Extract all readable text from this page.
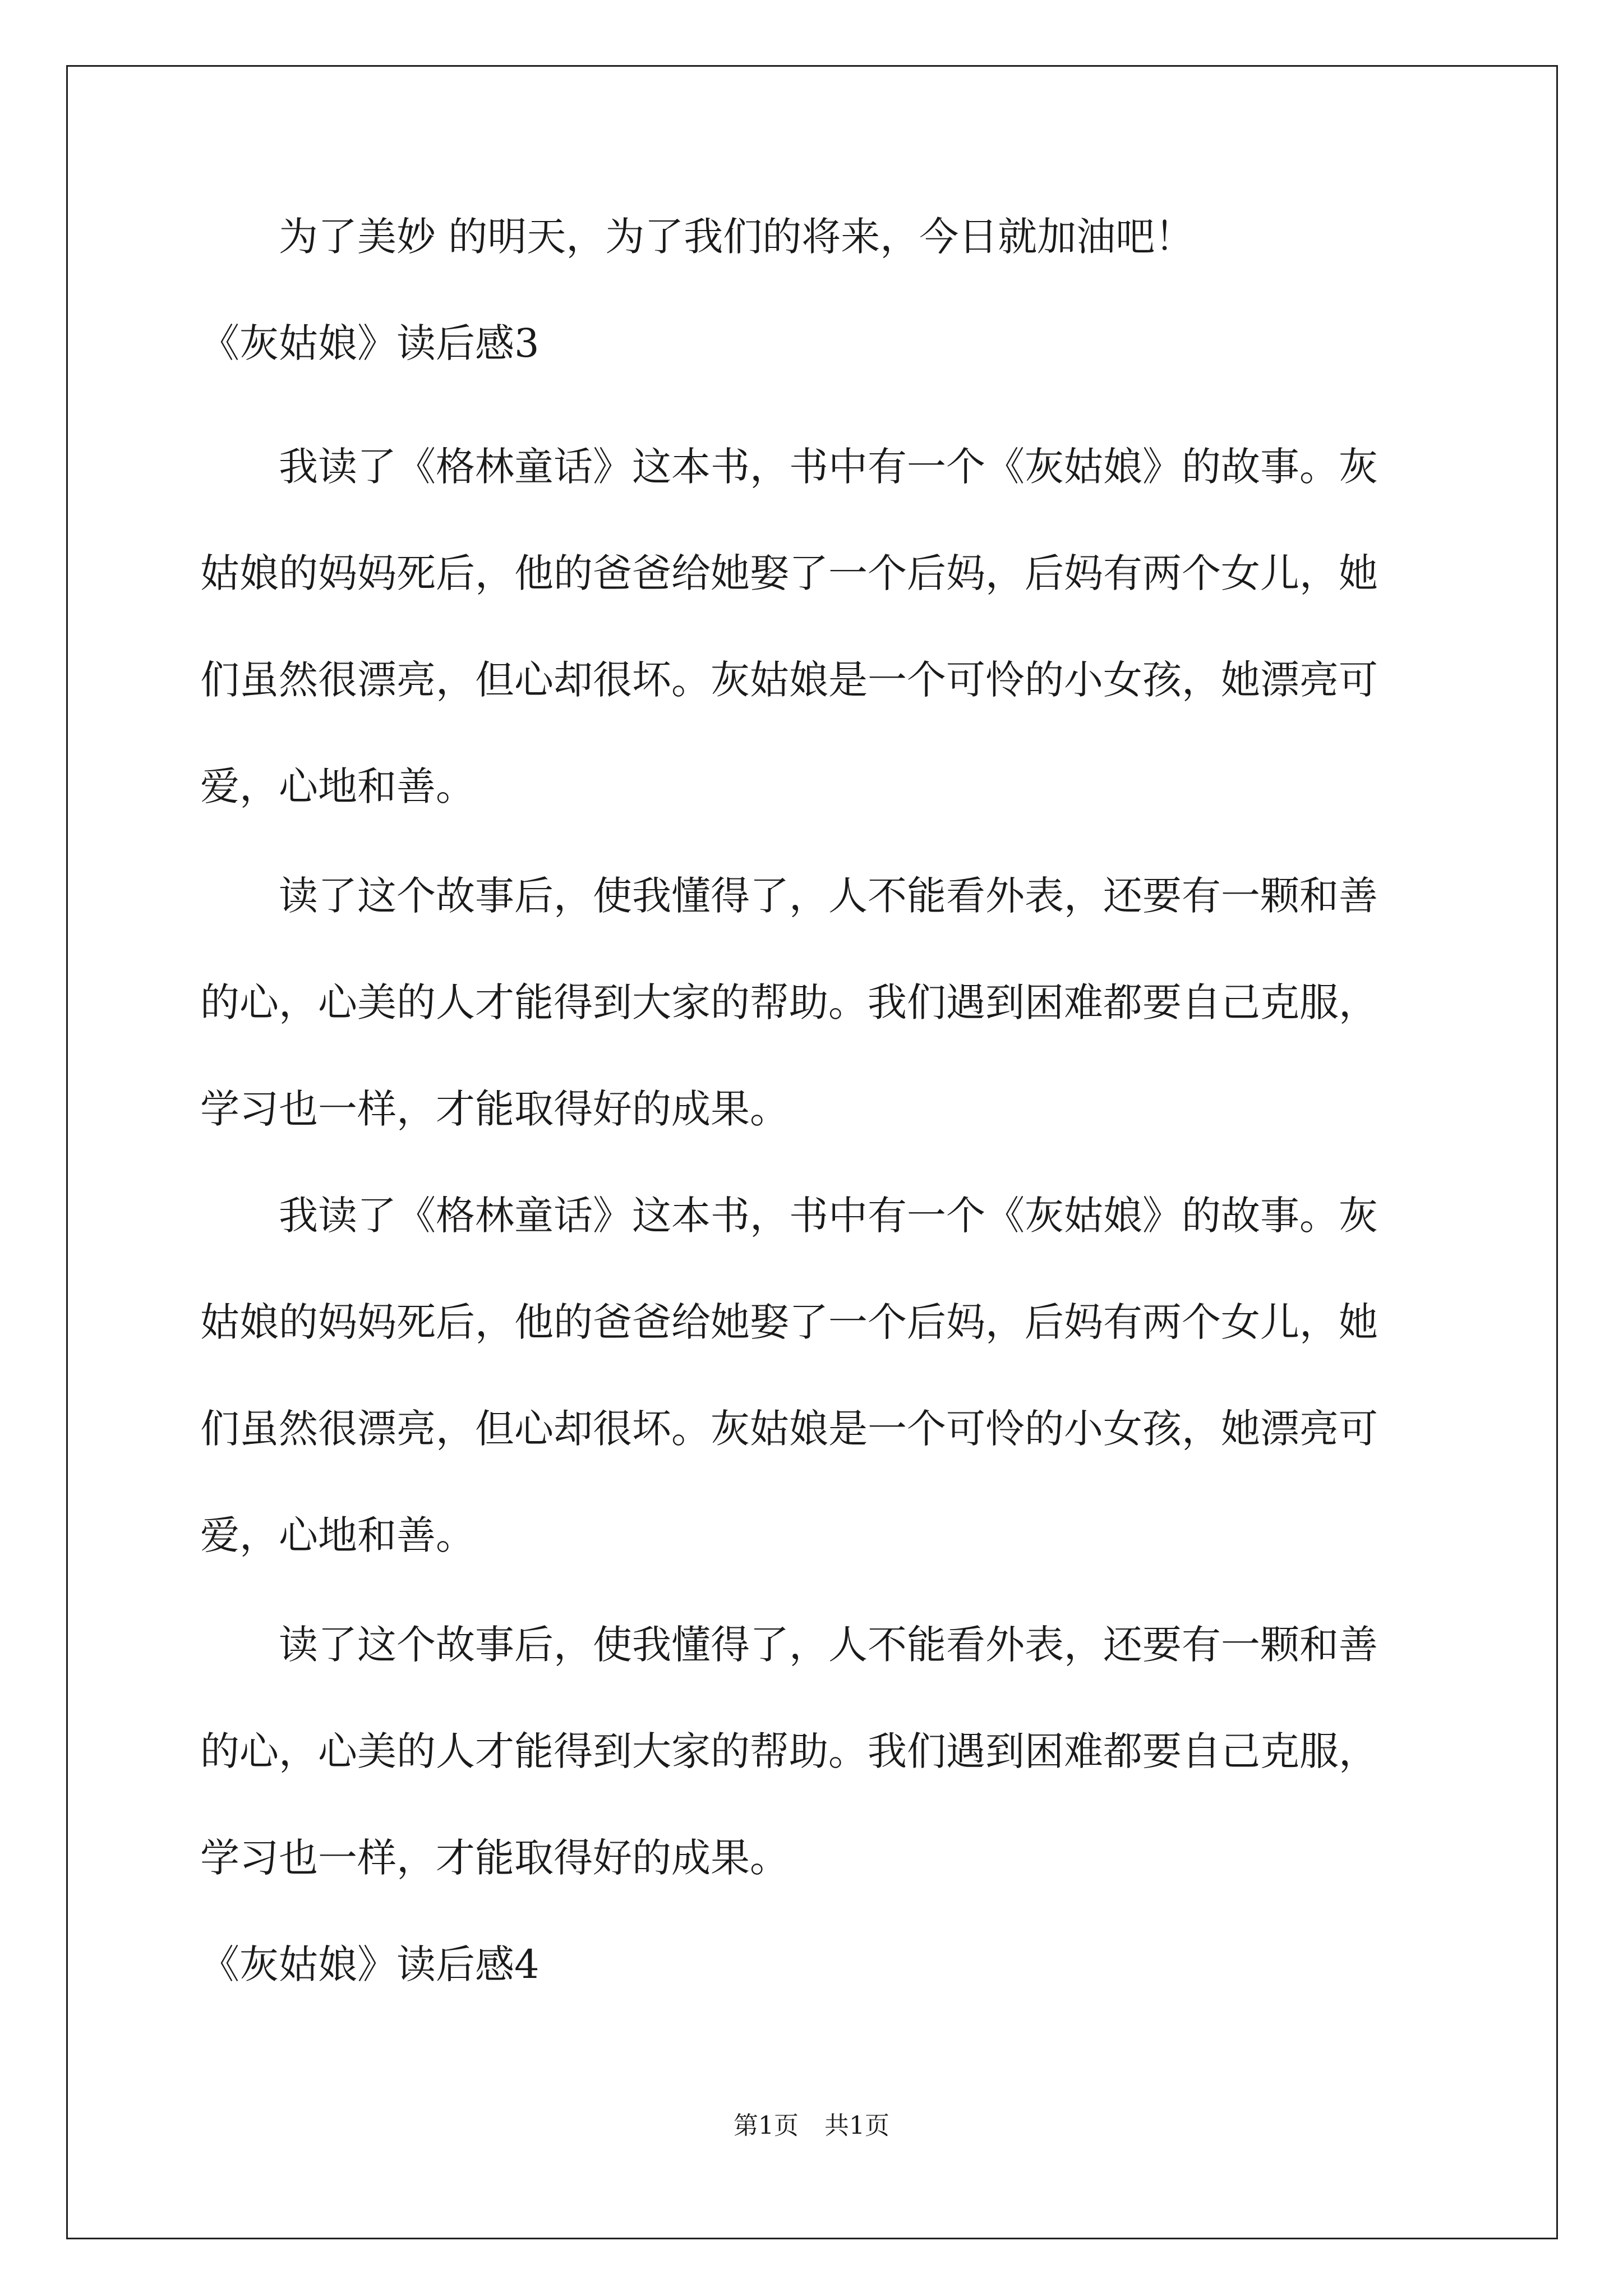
　　为了美妙 的明天，为了我们的将来，今日就加油吧！
《灰姑娘》读后感3
　　我读了《格林童话》这本书，书中有一个《灰姑娘》的故事。灰
姑娘的妈妈死后，他的爸爸给她娶了一个后妈，后妈有两个女儿，她
们虽然很漂亮，但心却很坏。灰姑娘是一个可怜的小女孩，她漂亮可
爱，心地和善。
　　读了这个故事后，使我懂得了，人不能看外表，还要有一颗和善
的心，心美的人才能得到大家的帮助。我们遇到困难都要自己克服，
学习也一样，才能取得好的成果。
　　我读了《格林童话》这本书，书中有一个《灰姑娘》的故事。灰
姑娘的妈妈死后，他的爸爸给她娶了一个后妈，后妈有两个女儿，她
们虽然很漂亮，但心却很坏。灰姑娘是一个可怜的小女孩，她漂亮可
爱，心地和善。
　　读了这个故事后，使我懂得了，人不能看外表，还要有一颗和善
的心，心美的人才能得到大家的帮助。我们遇到困难都要自己克服，
学习也一样，才能取得好的成果。
《灰姑娘》读后感4
第1页 共1页
